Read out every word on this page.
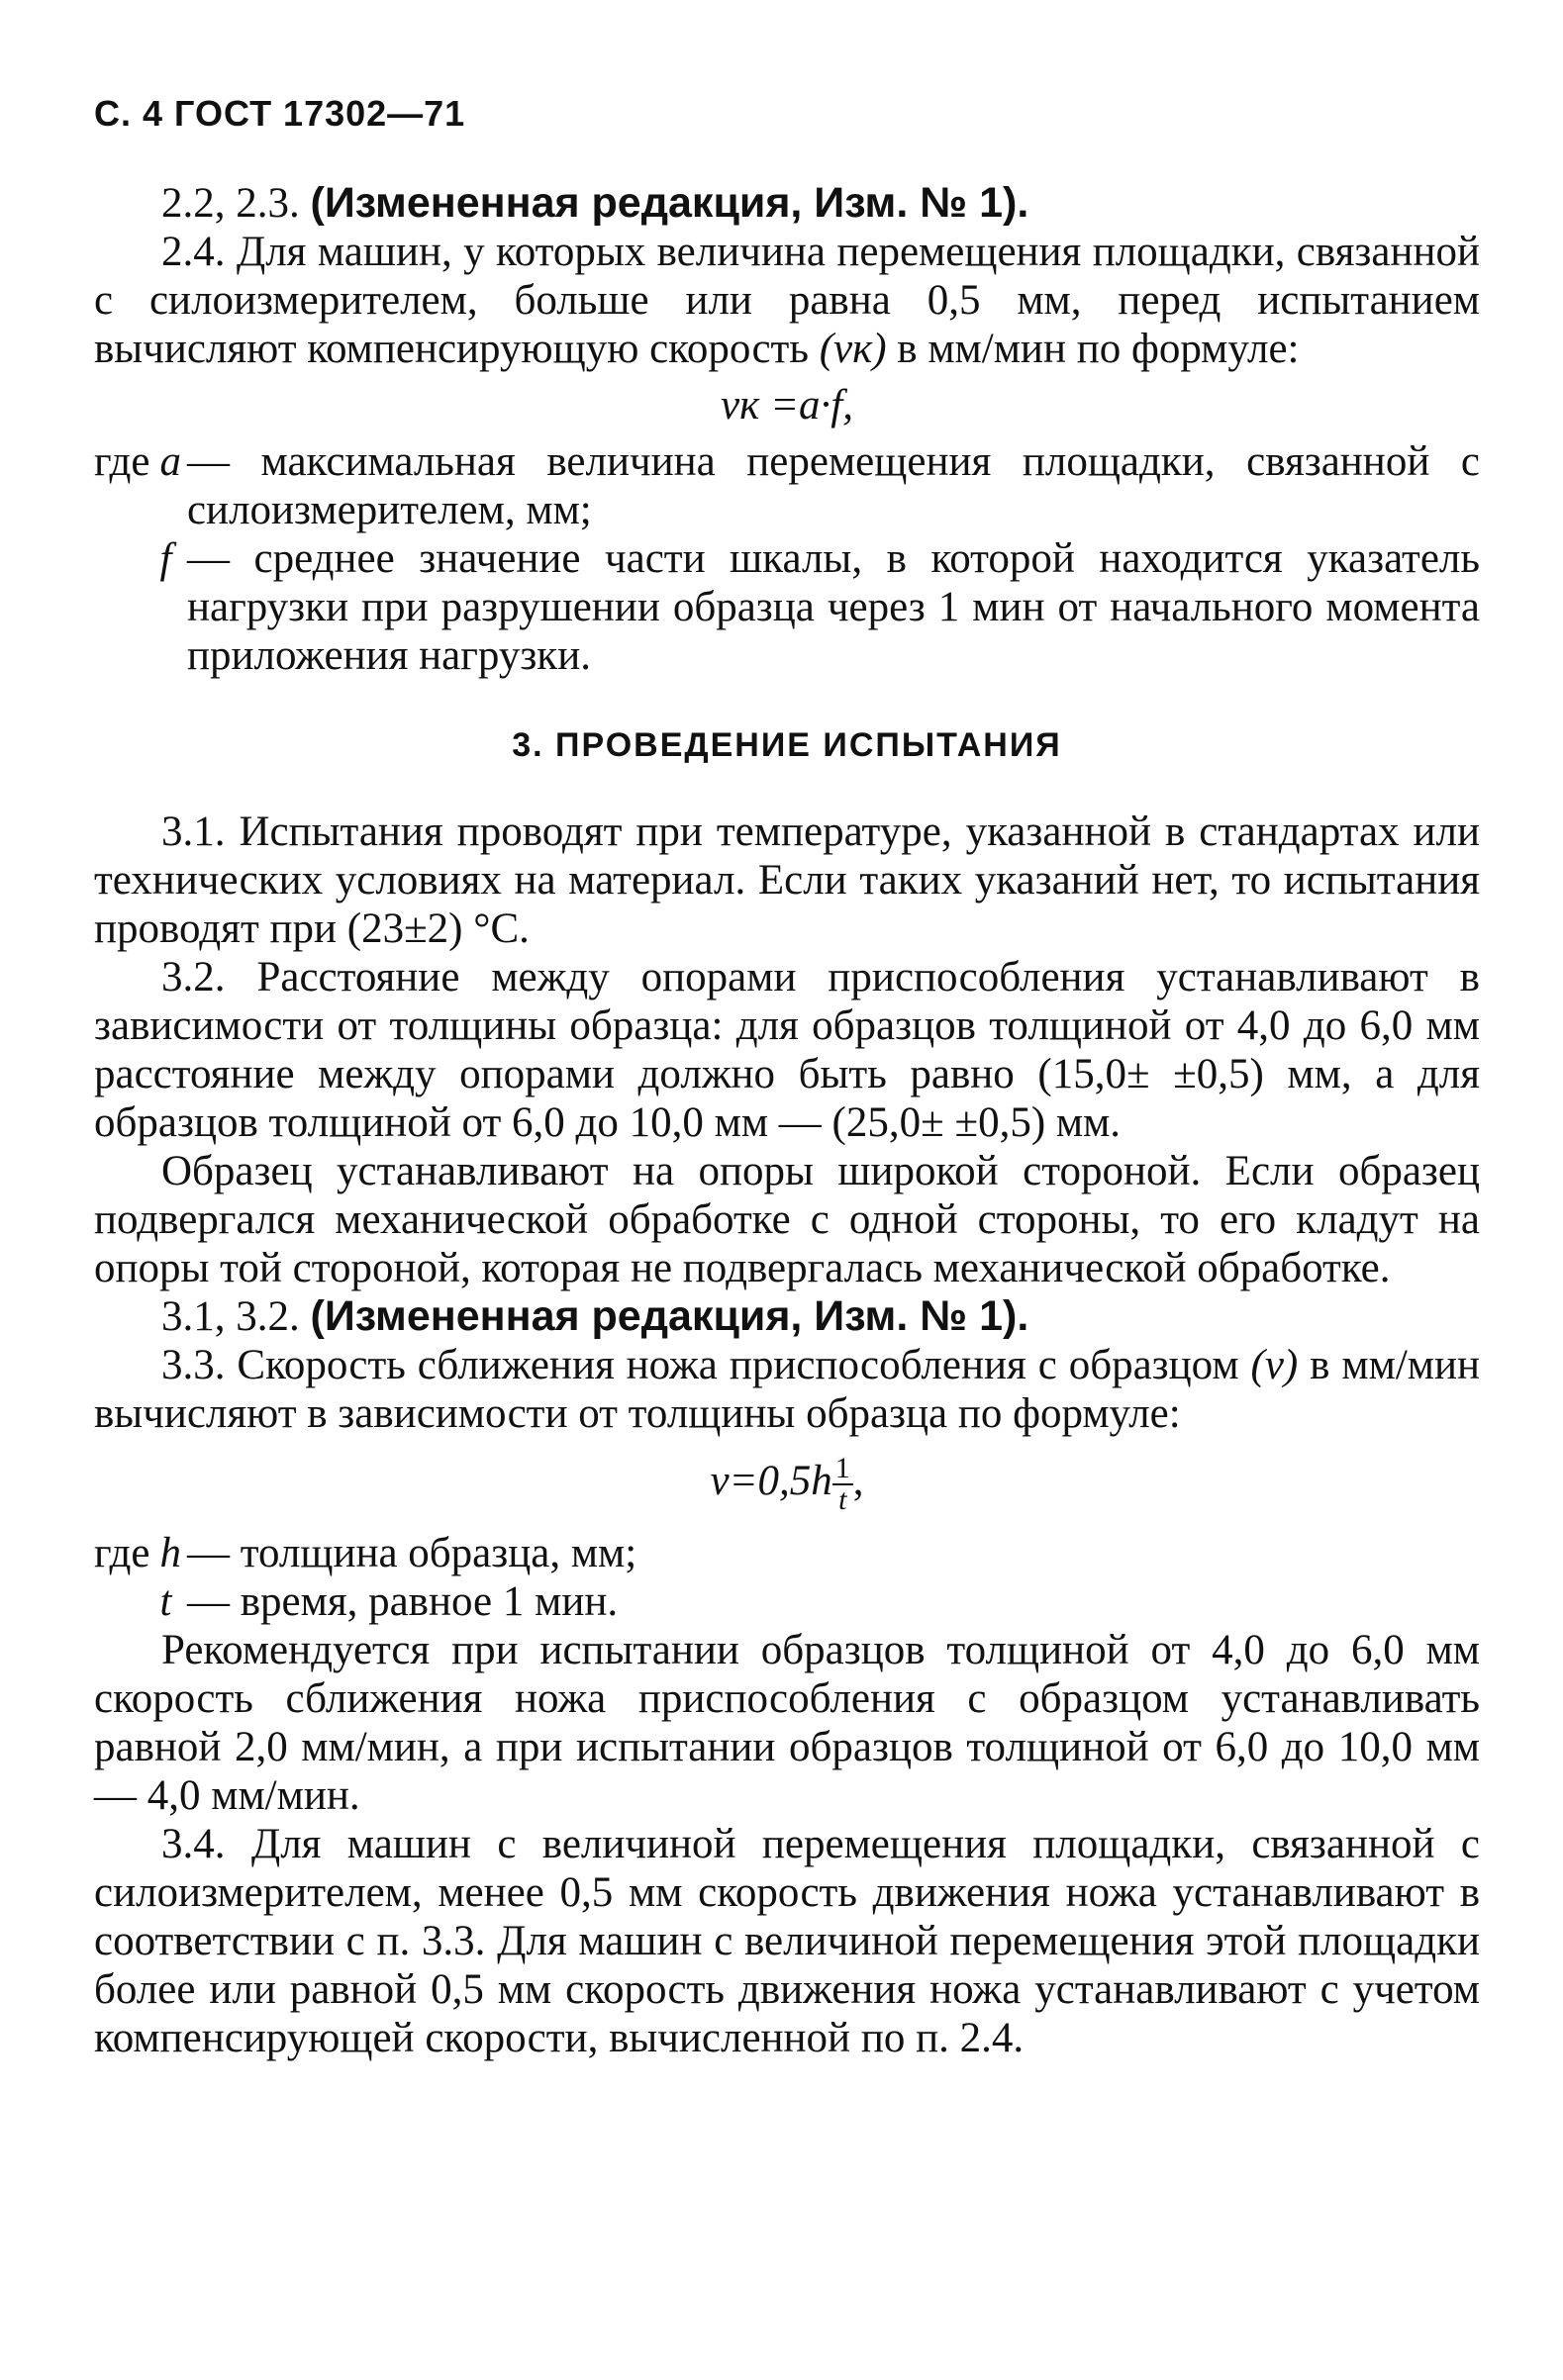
С. 4 ГОСТ 17302—71
2.2, 2.3. (Измененная редакция, Изм. № 1).
2.4. Для машин, у которых величина перемещения площадки, связанной с силоизмерителем, больше или равна 0,5 мм, перед испытанием вычисляют компенсирующую скорость (vк) в мм/мин по формуле:
vк =a·f,
где a — максимальная величина перемещения площадки, связанной с силоизмерителем, мм;
f — среднее значение части шкалы, в которой находится указатель нагрузки при разрушении образца через 1 мин от начального момента приложения нагрузки.
3. ПРОВЕДЕНИЕ ИСПЫТАНИЯ
3.1. Испытания проводят при температуре, указанной в стандартах или технических условиях на материал. Если таких указаний нет, то испытания проводят при (23±2) °С.
3.2. Расстояние между опорами приспособления устанавливают в зависимости от толщины образца: для образцов толщиной от 4,0 до 6,0 мм расстояние между опорами должно быть равно (15,0± ±0,5) мм, а для образцов толщиной от 6,0 до 10,0 мм — (25,0± ±0,5) мм.
Образец устанавливают на опоры широкой стороной. Если образец подвергался механической обработке с одной стороны, то его кладут на опоры той стороной, которая не подвергалась механической обработке.
3.1, 3.2. (Измененная редакция, Изм. № 1).
3.3. Скорость сближения ножа приспособления с образцом (v) в мм/мин вычисляют в зависимости от толщины образца по формуле:
$v=0,5h \frac{1}{t}$ ,
где h — толщина образца, мм;
t — время, равное 1 мин.
Рекомендуется при испытании образцов толщиной от 4,0 до 6,0 мм скорость сближения ножа приспособления с образцом устанавливать равной 2,0 мм/мин, а при испытании образцов толщиной от 6,0 до 10,0 мм — 4,0 мм/мин.
3.4. Для машин с величиной перемещения площадки, связанной с силоизмерителем, менее 0,5 мм скорость движения ножа устанавливают в соответствии с п. 3.3. Для машин с величиной перемещения этой площадки более или равной 0,5 мм скорость движения ножа устанавливают с учетом компенсирующей скорости, вычисленной по п. 2.4.
